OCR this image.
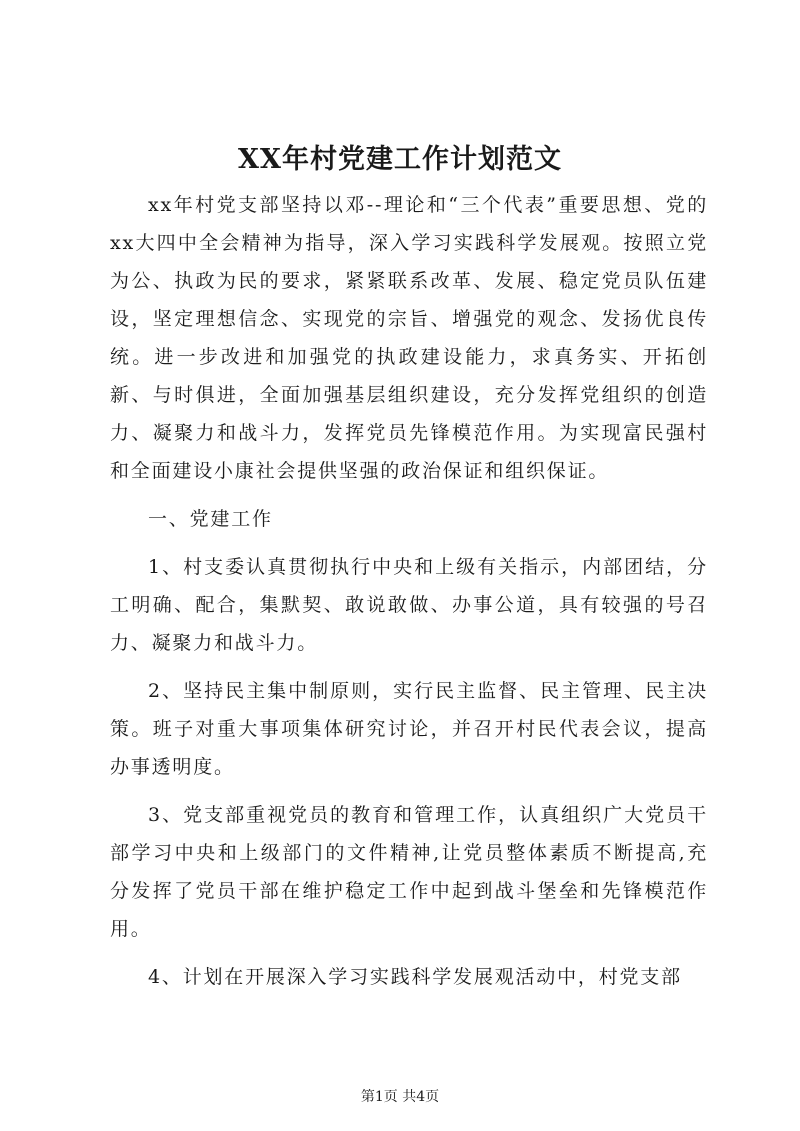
XX年村党建工作计划范文

xx年村党支部坚持以邓--理论和“三个代表”重要思想、党的xx大四中全会精神为指导，深入学习实践科学发展观。按照立党为公、执政为民的要求，紧紧联系改革、发展、稳定党员队伍建设，坚定理想信念、实现党的宗旨、增强党的观念、发扬优良传统。进一步改进和加强党的执政建设能力，求真务实、开拓创新、与时俱进，全面加强基层组织建设，充分发挥党组织的创造力、凝聚力和战斗力，发挥党员先锋模范作用。为实现富民强村和全面建设小康社会提供坚强的政治保证和组织保证。

一、党建工作

1、村支委认真贯彻执行中央和上级有关指示，内部团结，分工明确、配合，集默契、敢说敢做、办事公道，具有较强的号召力、凝聚力和战斗力。

2、坚持民主集中制原则，实行民主监督、民主管理、民主决策。班子对重大事项集体研究讨论，并召开村民代表会议，提高办事透明度。

3、党支部重视党员的教育和管理工作，认真组织广大党员干部学习中央和上级部门的文件精神,让党员整体素质不断提高,充分发挥了党员干部在维护稳定工作中起到战斗堡垒和先锋模范作用。

4、计划在开展深入学习实践科学发展观活动中，村党支部

第1页 共4页
